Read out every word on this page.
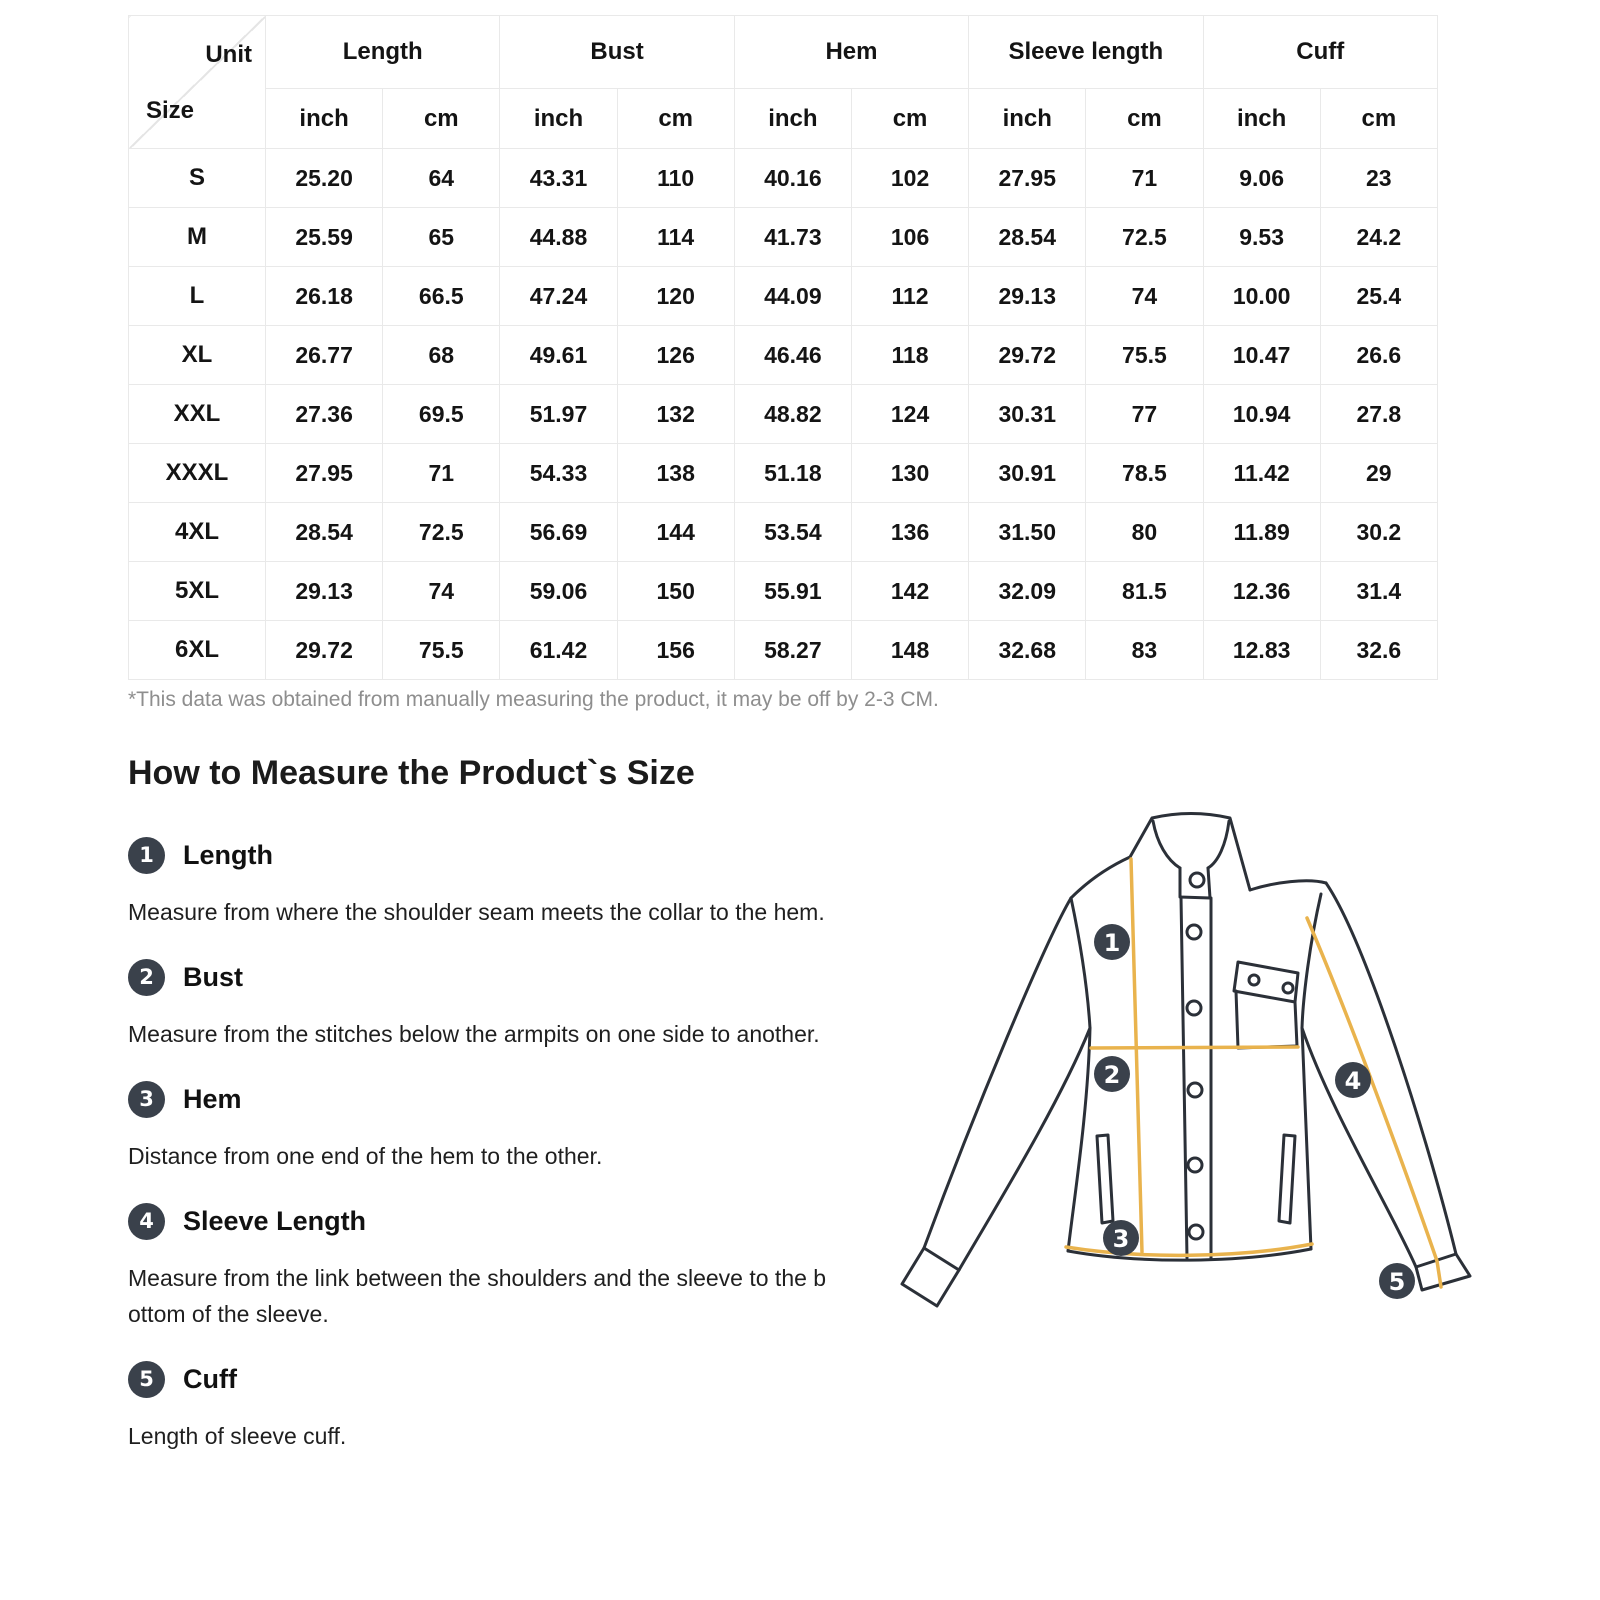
Unit
Size	Length		Bust		Hem		Sleeve length		Cuff	
	inch	cm	inch	cm	inch	cm	inch	cm	inch	cm
S	25.20	64	43.31	110	40.16	102	27.95	71	9.06	23
M	25.59	65	44.88	114	41.73	106	28.54	72.5	9.53	24.2
L	26.18	66.5	47.24	120	44.09	112	29.13	74	10.00	25.4
XL	26.77	68	49.61	126	46.46	118	29.72	75.5	10.47	26.6
XXL	27.36	69.5	51.97	132	48.82	124	30.31	77	10.94	27.8
XXXL	27.95	71	54.33	138	51.18	130	30.91	78.5	11.42	29
4XL	28.54	72.5	56.69	144	53.54	136	31.50	80	11.89	30.2
5XL	29.13	74	59.06	150	55.91	142	32.09	81.5	12.36	31.4
6XL	29.72	75.5	61.42	156	58.27	148	32.68	83	12.83	32.6

*This data was obtained from manually measuring the product, it may be off by 2-3 CM.

How to Measure the Product`s Size
1	Length

Measure from where the shoulder seam meets the collar to the hem.

2	Bust

Measure from the stitches below the armpits on one side to another.

3	Hem

Distance from one end of the hem to the other.

4	Sleeve Length

Measure from the link between the shoulders and the sleeve to the bottom of the sleeve.

5	Cuff

Length of sleeve cuff.

1
2
3
4
5
